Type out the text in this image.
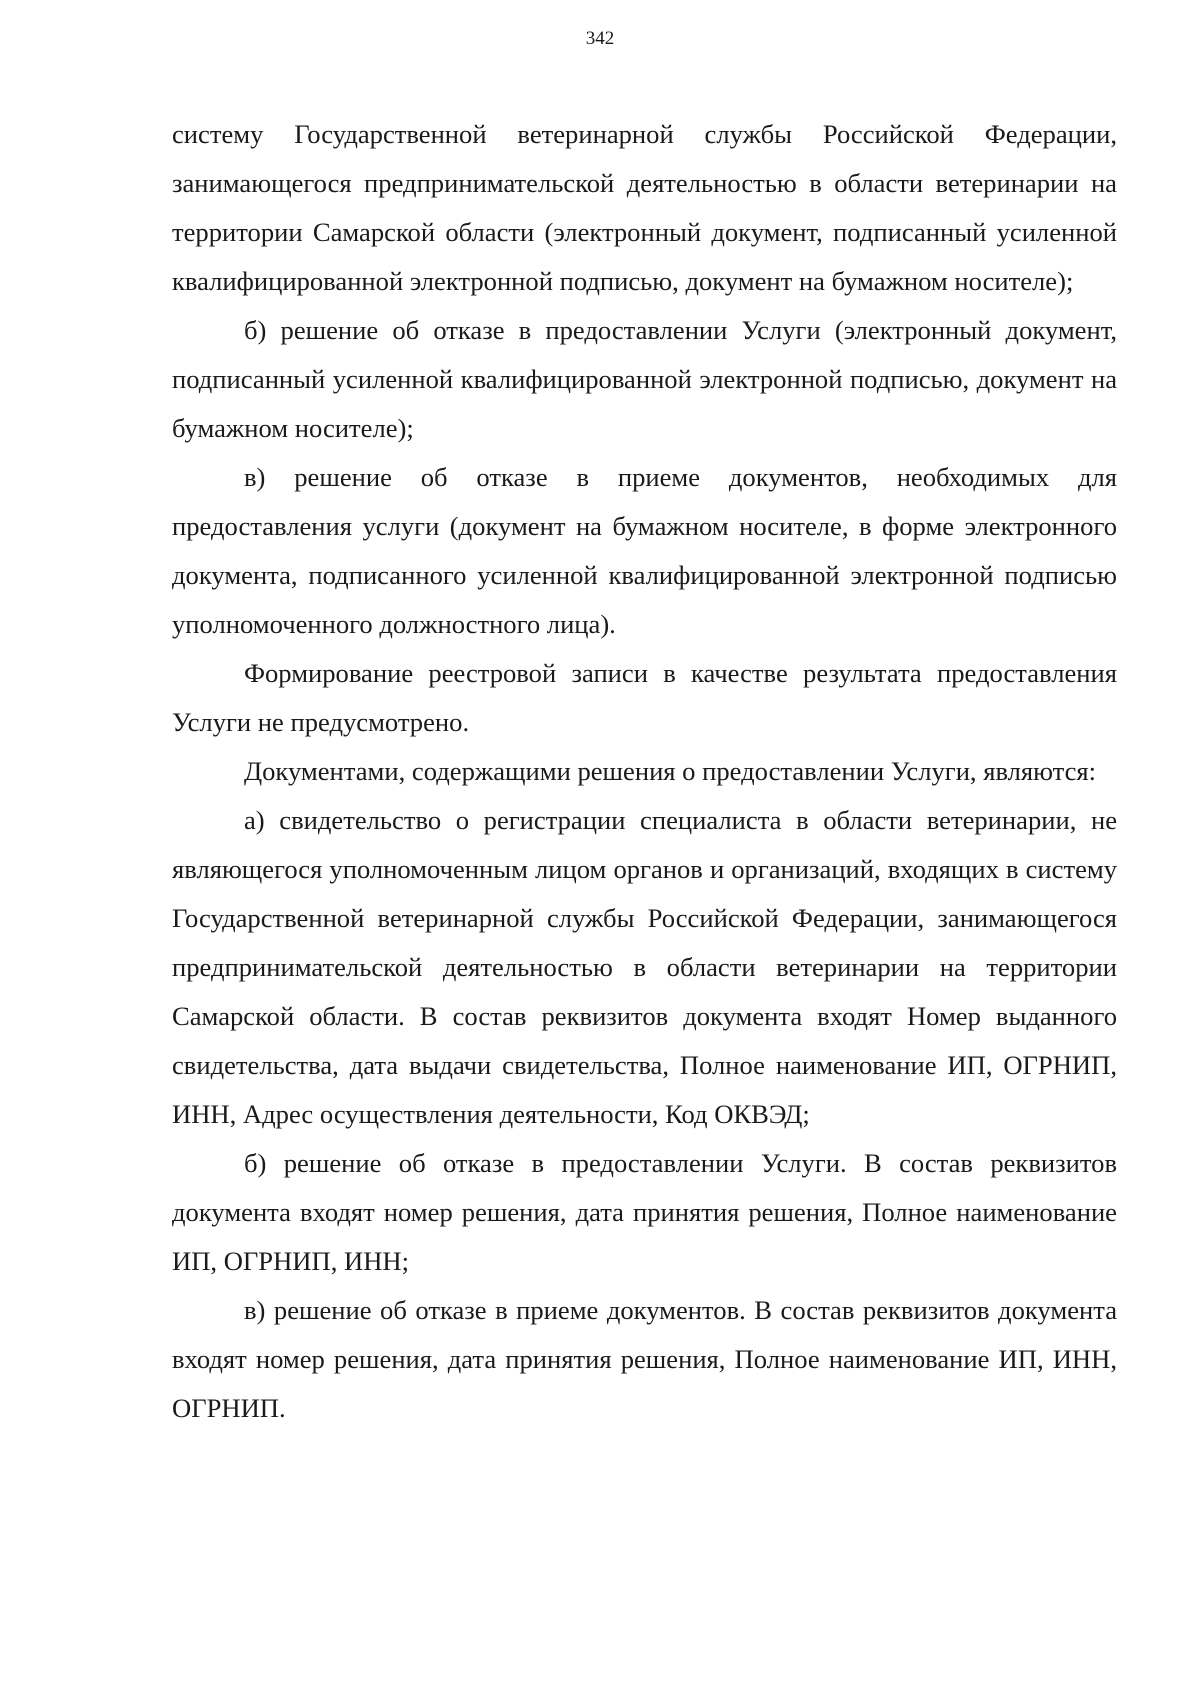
342

систему Государственной ветеринарной службы Российской Федерации, занимающегося предпринимательской деятельностью в области ветеринарии на территории Самарской области (электронный документ, подписанный усиленной квалифицированной электронной подписью, документ на бумажном носителе);

б) решение об отказе в предоставлении Услуги (электронный документ, подписанный усиленной квалифицированной электронной подписью, документ на бумажном носителе);

в) решение об отказе в приеме документов, необходимых для предоставления услуги (документ на бумажном носителе, в форме электронного документа, подписанного усиленной квалифицированной электронной подписью уполномоченного должностного лица).

Формирование реестровой записи в качестве результата предоставления Услуги не предусмотрено.

Документами, содержащими решения о предоставлении Услуги, являются:

а) свидетельство о регистрации специалиста в области ветеринарии, не являющегося уполномоченным лицом органов и организаций, входящих в систему Государственной ветеринарной службы Российской Федерации, занимающегося предпринимательской деятельностью в области ветеринарии на территории Самарской области. В состав реквизитов документа входят Номер выданного свидетельства, дата выдачи свидетельства, Полное наименование ИП, ОГРНИП, ИНН, Адрес осуществления деятельности, Код ОКВЭД;

б) решение об отказе в предоставлении Услуги. В состав реквизитов документа входят номер решения, дата принятия решения, Полное наименование ИП, ОГРНИП, ИНН;

в) решение об отказе в приеме документов. В состав реквизитов документа входят номер решения, дата принятия решения, Полное наименование ИП, ИНН, ОГРНИП.
